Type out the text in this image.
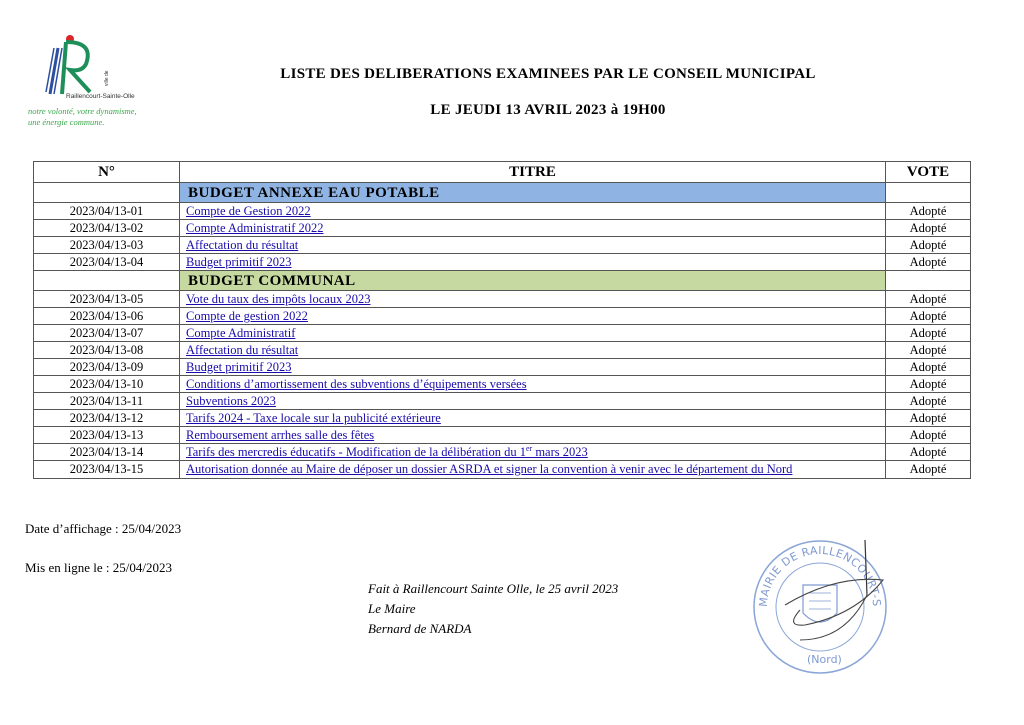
ville de
Raillencourt-Sainte-Olle
notre volonté, votre dynamisme,
une énergie commune.
LISTE DES DELIBERATIONS EXAMINEES PAR LE CONSEIL MUNICIPAL
LE JEUDI 13 AVRIL 2023 à 19H00
N°	TITRE	VOTE
	BUDGET ANNEXE EAU POTABLE	
2023/04/13-01	Compte de Gestion 2022	Adopté
2023/04/13-02	Compte Administratif 2022	Adopté
2023/04/13-03	Affectation du résultat	Adopté
2023/04/13-04	Budget primitif 2023	Adopté
	BUDGET COMMUNAL	
2023/04/13-05	Vote du taux des impôts locaux 2023	Adopté
2023/04/13-06	Compte de gestion 2022	Adopté
2023/04/13-07	Compte Administratif	Adopté
2023/04/13-08	Affectation du résultat	Adopté
2023/04/13-09	Budget primitif 2023	Adopté
2023/04/13-10	Conditions d’amortissement des subventions d’équipements versées	Adopté
2023/04/13-11	Subventions 2023	Adopté
2023/04/13-12	Tarifs 2024 - Taxe locale sur la publicité extérieure	Adopté
2023/04/13-13	Remboursement arrhes salle des fêtes	Adopté
2023/04/13-14	Tarifs des mercredis éducatifs - Modification de la délibération du 1er mars 2023	Adopté
2023/04/13-15	Autorisation donnée au Maire de déposer un dossier ASRDA et signer la convention à venir avec le département du Nord	Adopté
Date d’affichage : 25/04/2023
Mis en ligne le : 25/04/2023
Fait à Raillencourt Sainte Olle, le 25 avril 2023
Le Maire
Bernard de NARDA
MAIRIE DE RAILLENCOURT-S
(Nord)
